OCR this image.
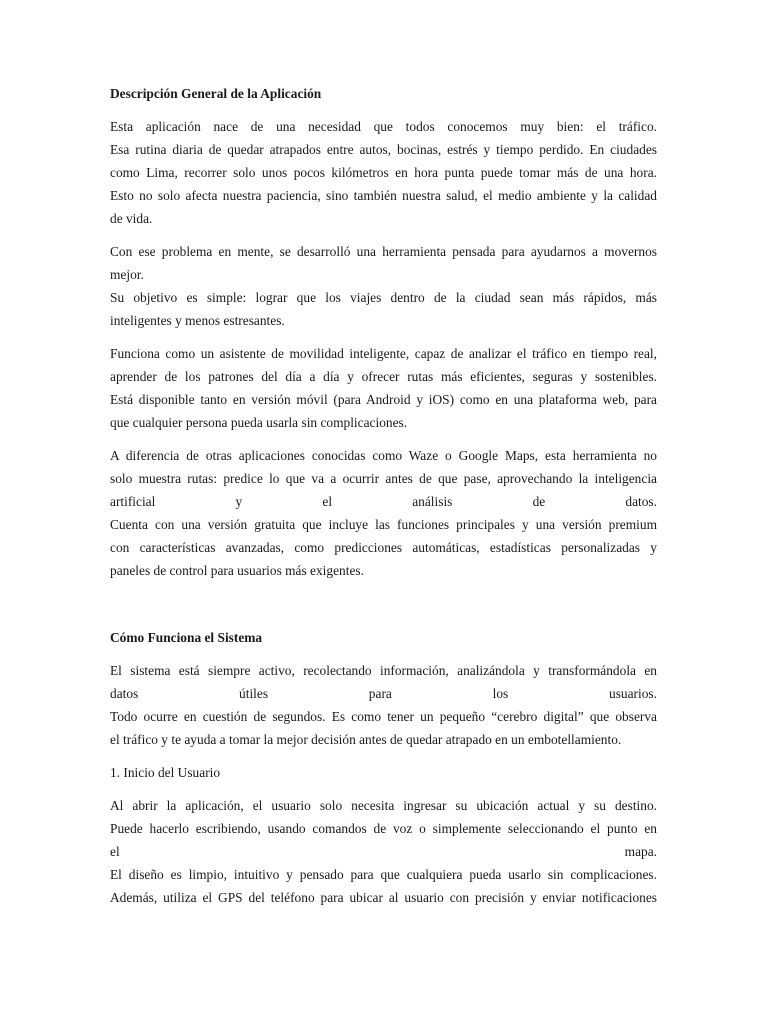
Descripción General de la Aplicación
Esta aplicación nace de una necesidad que todos conocemos muy bien: el tráfico.
Esa rutina diaria de quedar atrapados entre autos, bocinas, estrés y tiempo perdido. En ciudades
como Lima, recorrer solo unos pocos kilómetros en hora punta puede tomar más de una hora.
Esto no solo afecta nuestra paciencia, sino también nuestra salud, el medio ambiente y la calidad
de vida.
Con ese problema en mente, se desarrolló una herramienta pensada para ayudarnos a movernos
mejor.
Su objetivo es simple: lograr que los viajes dentro de la ciudad sean más rápidos, más
inteligentes y menos estresantes.
Funciona como un asistente de movilidad inteligente, capaz de analizar el tráfico en tiempo real,
aprender de los patrones del día a día y ofrecer rutas más eficientes, seguras y sostenibles.
Está disponible tanto en versión móvil (para Android y iOS) como en una plataforma web, para
que cualquier persona pueda usarla sin complicaciones.
A diferencia de otras aplicaciones conocidas como Waze o Google Maps, esta herramienta no
solo muestra rutas: predice lo que va a ocurrir antes de que pase, aprovechando la inteligencia
artificial y el análisis de datos.
Cuenta con una versión gratuita que incluye las funciones principales y una versión premium
con características avanzadas, como predicciones automáticas, estadísticas personalizadas y
paneles de control para usuarios más exigentes.
Cómo Funciona el Sistema
El sistema está siempre activo, recolectando información, analizándola y transformándola en
datos útiles para los usuarios.
Todo ocurre en cuestión de segundos. Es como tener un pequeño “cerebro digital” que observa
el tráfico y te ayuda a tomar la mejor decisión antes de quedar atrapado en un embotellamiento.
1. Inicio del Usuario
Al abrir la aplicación, el usuario solo necesita ingresar su ubicación actual y su destino.
Puede hacerlo escribiendo, usando comandos de voz o simplemente seleccionando el punto en
el mapa.
El diseño es limpio, intuitivo y pensado para que cualquiera pueda usarlo sin complicaciones.
Además, utiliza el GPS del teléfono para ubicar al usuario con precisión y enviar notificaciones
